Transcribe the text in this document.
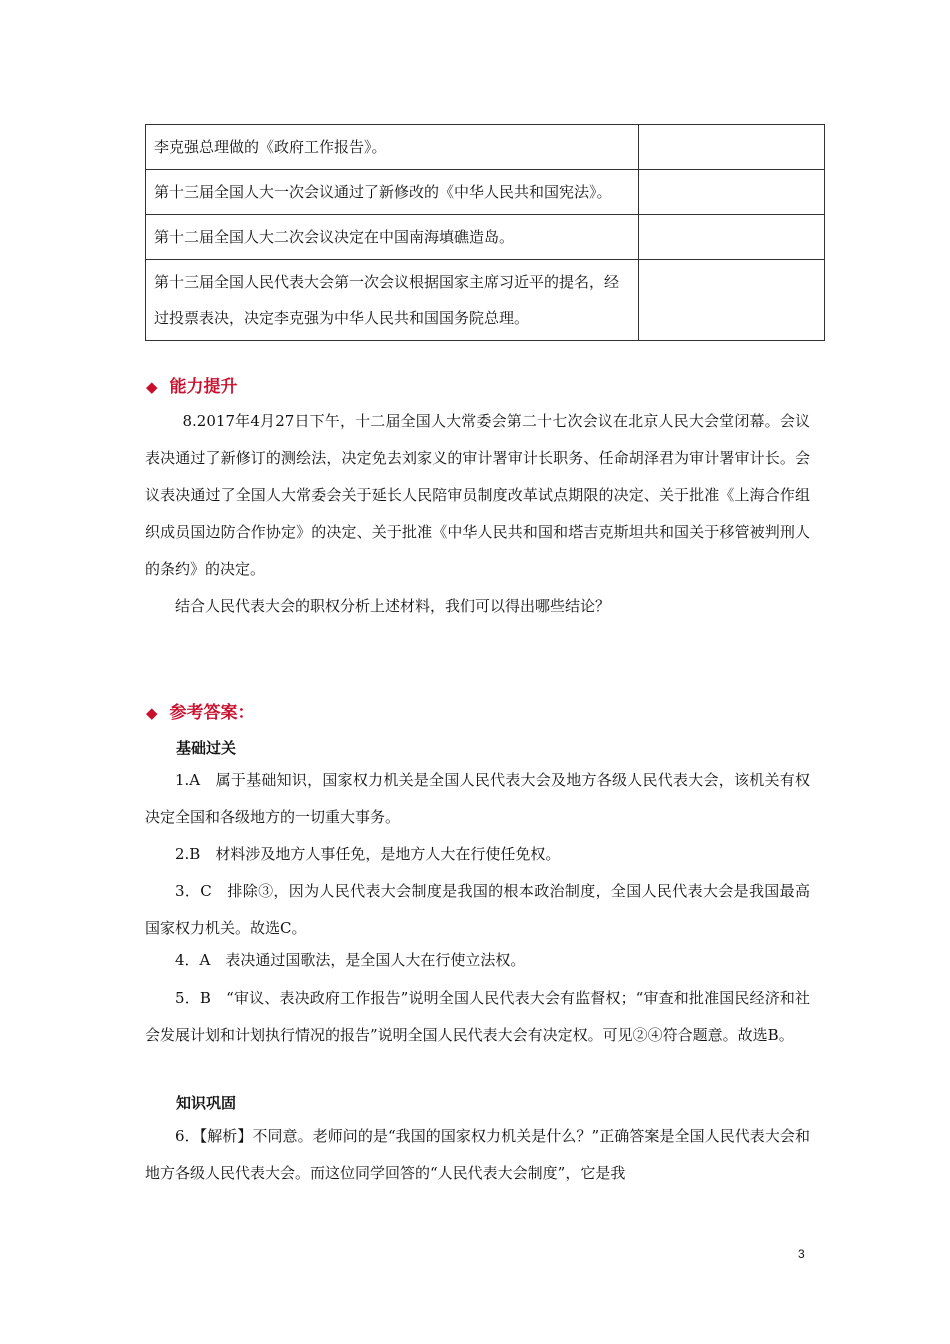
李克强总理做的《政府工作报告》。	
第十三届全国人大一次会议通过了新修改的《中华人民共和国宪法》。	
第十二届全国人大二次会议决定在中国南海填礁造岛。	
第十三届全国人民代表大会第一次会议根据国家主席习近平的提名，经过投票表决，决定李克强为中华人民共和国国务院总理。	
◆ 能力提升
8.2017年4月27日下午，十二届全国人大常委会第二十七次会议在北京人民大会堂闭幕。会议表决通过了新修订的测绘法，决定免去刘家义的审计署审计长职务、任命胡泽君为审计署审计长。会议表决通过了全国人大常委会关于延长人民陪审员制度改革试点期限的决定、关于批准《上海合作组织成员国边防合作协定》的决定、关于批准《中华人民共和国和塔吉克斯坦共和国关于移管被判刑人的条约》的决定。
结合人民代表大会的职权分析上述材料，我们可以得出哪些结论？
◆ 参考答案：
基础过关
1.A　属于基础知识，国家权力机关是全国人民代表大会及地方各级人民代表大会，该机关有权决定全国和各级地方的一切重大事务。
2.B　材料涉及地方人事任免，是地方人大在行使任免权。
3．C　排除③，因为人民代表大会制度是我国的根本政治制度，全国人民代表大会是我国最高国家权力机关。故选C。
4．A　表决通过国歌法，是全国人大在行使立法权。
5．B　“审议、表决政府工作报告”说明全国人民代表大会有监督权；“审查和批准国民经济和社会发展计划和计划执行情况的报告”说明全国人民代表大会有决定权。可见②④符合题意。故选B。
知识巩固
6．【解析】不同意。老师问的是“我国的国家权力机关是什么？”正确答案是全国人民代表大会和地方各级人民代表大会。而这位同学回答的“人民代表大会制度”，它是我
3
